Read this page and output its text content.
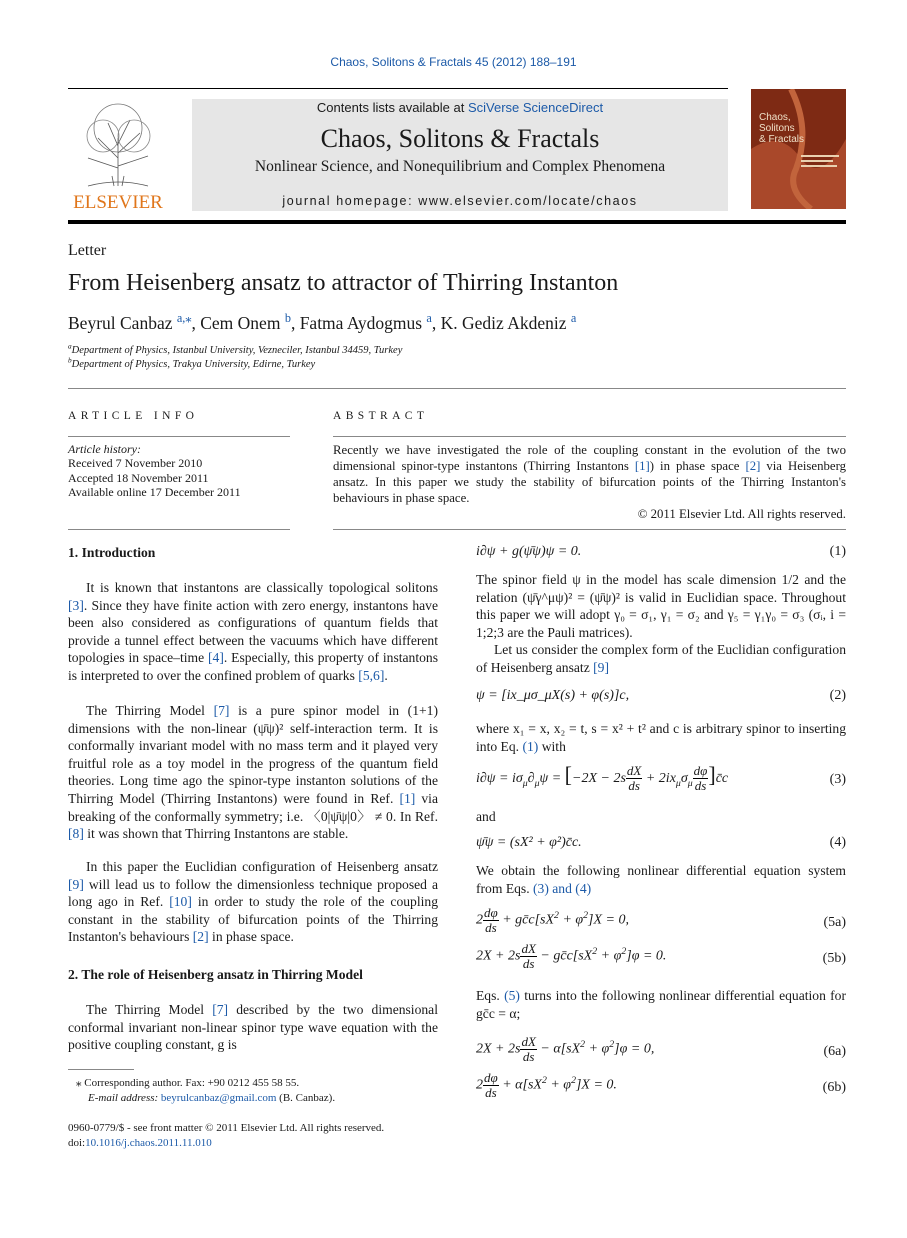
Chaos, Solitons & Fractals 45 (2012) 188–191
ELSEVIER
Contents lists available at SciVerse ScienceDirect
Chaos, Solitons & Fractals
Nonlinear Science, and Nonequilibrium and Complex Phenomena
journal homepage: www.elsevier.com/locate/chaos
Chaos,
Solitons
& Fractals
Letter
From Heisenberg ansatz to attractor of Thirring Instanton
Beyrul Canbaz $^{a,⁎}$, Cem Onem $^b$, Fatma Aydogmus $^a$, K. Gediz Akdeniz $^a$
$^a$Department of Physics, Istanbul University, Vezneciler, Istanbul 34459, Turkey
$^b$Department of Physics, Trakya University, Edirne, Turkey
ARTICLE INFO
Article history:
Received 7 November 2010
Accepted 18 November 2011
Available online 17 December 2011
ABSTRACT
Recently we have investigated the role of the coupling constant in the evolution of the two dimensional spinor-type instantons (Thirring Instantons [1]) in phase space [2] via Heisenberg ansatz. In this paper we study the stability of bifurcation points of the Thirring Instanton's behaviours in phase space.
© 2011 Elsevier Ltd. All rights reserved.
1. Introduction
It is known that instantons are classically topological solitons [3]. Since they have finite action with zero energy, instantons have been also considered as configurations of quantum fields that provide a tunnel effect between the vacuums which have different topologies in space–time [4]. Especially, this property of instantons is interpreted to over the confined problem of quarks [5,6].
The Thirring Model [7] is a pure spinor model in (1+1) dimensions with the non-linear (ψ̄ψ)² self-interaction term. It is conformally invariant model with no mass term and it played very fruitful role as a toy model in the progress of the quantum field theories. Long time ago the spinor-type instanton solutions of the Thirring Model (Thirring Instantons) were found in Ref. [1] via breaking of the conformally symmetry; i.e. 〈0|ψ̄ψ|0〉 ≠ 0. In Ref. [8] it was shown that Thirring Instantons are stable.
In this paper the Euclidian configuration of Heisenberg ansatz [9] will lead us to follow the dimensionless technique proposed a long ago in Ref. [10] in order to study the role of the coupling constant in the stability of bifurcation points of the Thirring Instanton's behaviours [2] in phase space.
2. The role of Heisenberg ansatz in Thirring Model
The Thirring Model [7] described by the two dimensional conformal invariant non-linear spinor type wave equation with the positive coupling constant, g is
⁎ Corresponding author. Fax: +90 0212 455 58 55.
E-mail address: beyrulcanbaz@gmail.com (B. Canbaz).
0960-0779/$ - see front matter © 2011 Elsevier Ltd. All rights reserved.
doi:10.1016/j.chaos.2011.11.010
i∂ψ + g(ψ̄ψ)ψ = 0.	(1)
The spinor field ψ in the model has scale dimension 1/2 and the relation (ψ̄γ^μψ)² = (ψ̄ψ)² is valid in Euclidian space. Throughout this paper we will adopt γ₀ = σ₁, γ₁ = σ₂ and γ₅ = γ₁γ₀ = σ₃ (σᵢ, i = 1;2;3 are the Pauli matrices).
Let us consider the complex form of the Euclidian configuration of Heisenberg ansatz [9]
ψ = [ix_μσ_μX(s) + φ(s)]c,	(2)
where x₁ = x, x₂ = t, s = x² + t² and c is arbitrary spinor to inserting into Eq. (1) with
$i\partial\psi = i\sigma_\mu\partial_\mu\psi = [-2X - 2s \frac{dX}{ds} + 2ix_\mu\sigma_\mu \frac{d\varphi}{ds}$ ]c̄c	(3)
and
ψ̄ψ = (sX² + φ²)c̄c.	(4)
We obtain the following nonlinear differential equation system from Eqs. (3) and (4)
$2 \frac{d\varphi}{ds}$ + $gc̄c[sX^2 + \varphi^2]X = 0$,	(5a)
$2X + 2s \frac{dX}{ds}$ − $gc̄c[sX^2 + \varphi^2]\varphi = 0$.	(5b)
Eqs. (5) turns into the following nonlinear differential equation for gc̄c = α;
$2X + 2s \frac{dX}{ds} - \alpha[sX^2 + \varphi^2]\varphi = 0$,	(6a)
$2 \frac{d\varphi}{ds} + \alpha[sX^2 + \varphi^2]X = 0$.	(6b)
